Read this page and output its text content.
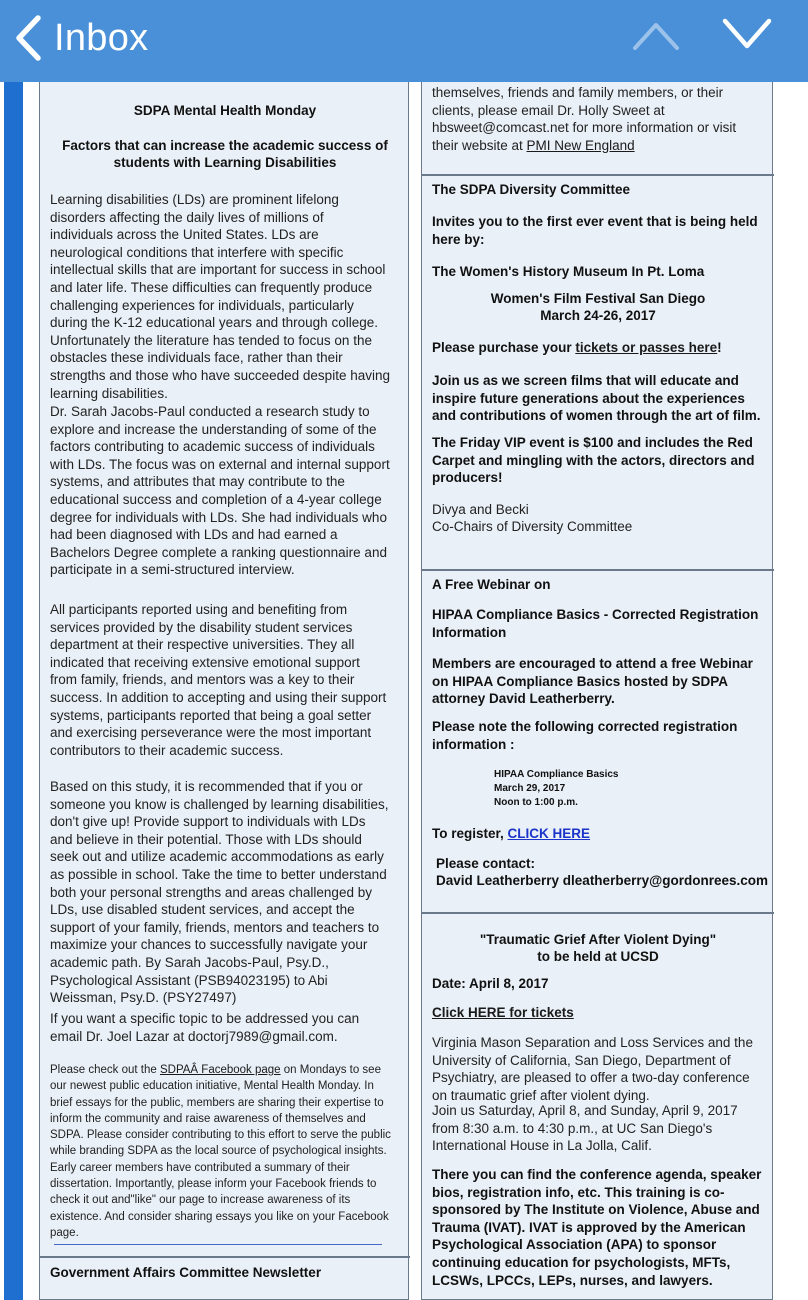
Inbox
SDPA Mental Health Monday
Factors that can increase the academic success of
students with Learning Disabilities
Learning disabilities (LDs) are prominent lifelong disorders affecting the daily lives of millions of individuals across the United States. LDs are neurological conditions that interfere with specific intellectual skills that are important for success in school and later life. These difficulties can frequently produce challenging experiences for individuals, particularly during the K-12 educational years and through college. Unfortunately the literature has tended to focus on the obstacles these individuals face, rather than their strengths and those who have succeeded despite having learning disabilities.
Dr. Sarah Jacobs-Paul conducted a research study to explore and increase the understanding of some of the factors contributing to academic success of individuals with LDs. The focus was on external and internal support systems, and attributes that may contribute to the educational success and completion of a 4-year college degree for individuals with LDs. She had individuals who had been diagnosed with LDs and had earned a Bachelors Degree complete a ranking questionnaire and participate in a semi-structured interview.
All participants reported using and benefiting from services provided by the disability student services department at their respective universities. They all indicated that receiving extensive emotional support from family, friends, and mentors was a key to their success. In addition to accepting and using their support systems, participants reported that being a goal setter and exercising perseverance were the most important contributors to their academic success.
Based on this study, it is recommended that if you or someone you know is challenged by learning disabilities, don't give up! Provide support to individuals with LDs and believe in their potential. Those with LDs should seek out and utilize academic accommodations as early as possible in school. Take the time to better understand both your personal strengths and areas challenged by LDs, use disabled student services, and accept the support of your family, friends, mentors and teachers to maximize your chances to successfully navigate your academic path. By Sarah Jacobs-Paul, Psy.D., Psychological Assistant (PSB94023195) to Abi Weissman, Psy.D. (PSY27497)
If you want a specific topic to be addressed you can email Dr. Joel Lazar at doctorj7989@gmail.com.
Please check out the SDPAÂ Facebook page on Mondays to see our newest public education initiative, Mental Health Monday. In brief essays for the public, members are sharing their expertise to inform the community and raise awareness of themselves and SDPA. Please consider contributing to this effort to serve the public while branding SDPA as the local source of psychological insights. Early career members have contributed a summary of their dissertation. Importantly, please inform your Facebook friends to check it out and"like" our page to increase awareness of its existence. And consider sharing essays you like on your Facebook page.
Government Affairs Committee Newsletter
themselves, friends and family members, or their clients, please email Dr. Holly Sweet at hbsweet@comcast.net for more information or visit their website at PMI New England
The SDPA Diversity Committee
Invites you to the first ever event that is being held here by:
The Women's History Museum In Pt. Loma
Women's Film Festival San Diego
March 24-26, 2017
Please purchase your tickets or passes here!
Join us as we screen films that will educate and inspire future generations about the experiences and contributions of women through the art of film.
The Friday VIP event is $100 and includes the Red Carpet and mingling with the actors, directors and producers!
Divya and Becki
Co-Chairs of Diversity Committee
A Free Webinar on
HIPAA Compliance Basics - Corrected Registration Information
Members are encouraged to attend a free Webinar on HIPAA Compliance Basics hosted by SDPA attorney David Leatherberry.
Please note the following corrected registration information :
HIPAA Compliance Basics
March 29, 2017
Noon to 1:00 p.m.
To register, CLICK HERE
Please contact:
David Leatherberry dleatherberry@gordonrees.com
"Traumatic Grief After Violent Dying"
to be held at UCSD
Date: April 8, 2017
Click HERE for tickets
Virginia Mason Separation and Loss Services and the University of California, San Diego, Department of Psychiatry, are pleased to offer a two-day conference on traumatic grief after violent dying.
Join us Saturday, April 8, and Sunday, April 9, 2017 from 8:30 a.m. to 4:30 p.m., at UC San Diego's International House in La Jolla, Calif.
There you can find the conference agenda, speaker bios, registration info, etc. This training is co-sponsored by The Institute on Violence, Abuse and Trauma (IVAT). IVAT is approved by the American Psychological Association (APA) to sponsor continuing education for psychologists, MFTs, LCSWs, LPCCs, LEPs, nurses, and lawyers.
